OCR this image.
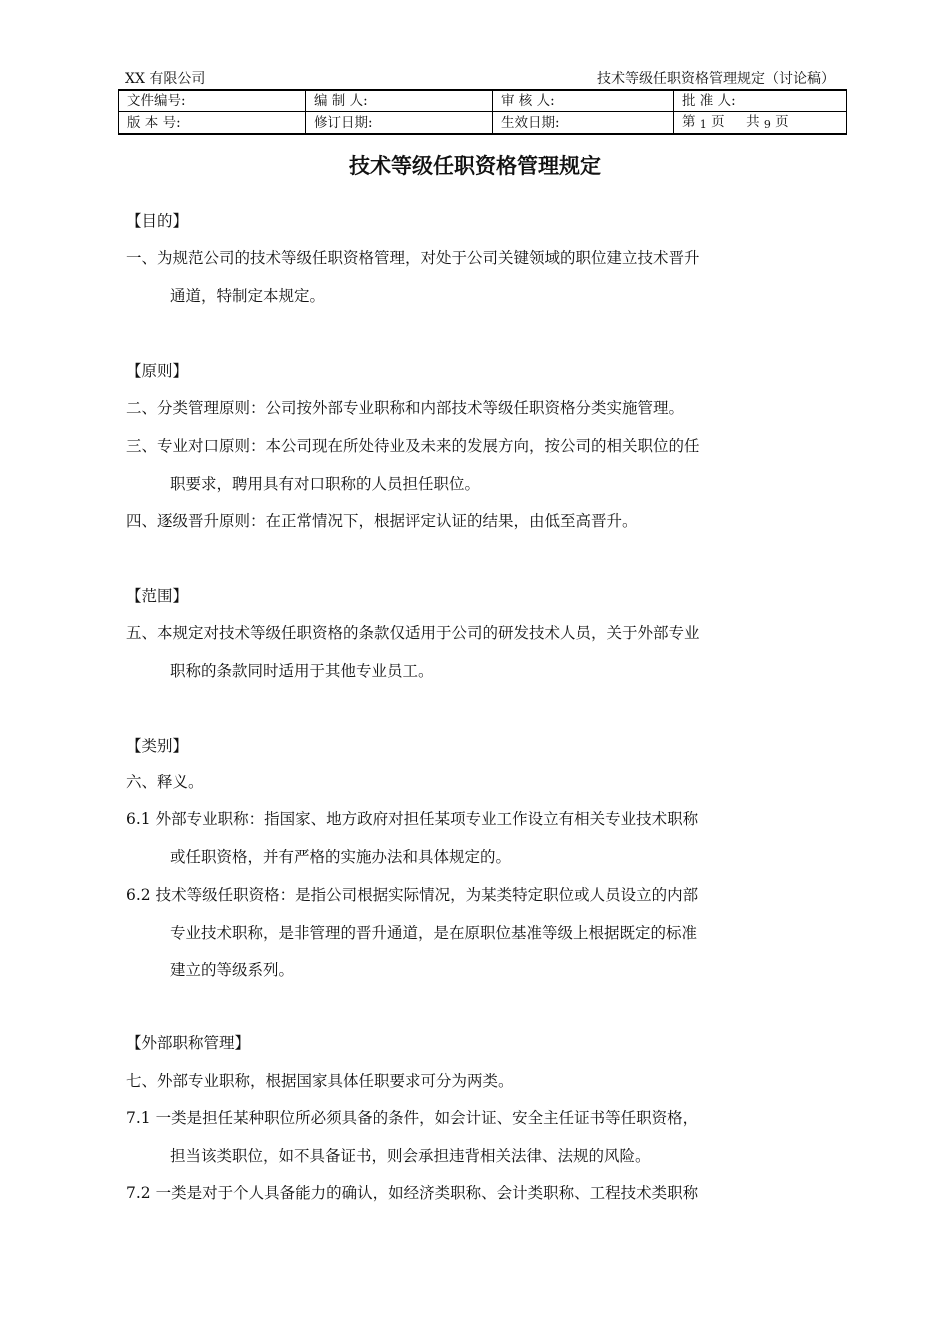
XX 有限公司	技术等级任职资格管理规定（讨论稿）
文件编号:	编 制 人:	审 核 人:	批 准 人:
版 本 号:	修订日期:	生效日期:	第 1 页 共 9 页
技术等级任职资格管理规定
【目的】
一、为规范公司的技术等级任职资格管理，对处于公司关键领域的职位建立技术晋升
通道，特制定本规定。
【原则】
二、分类管理原则：公司按外部专业职称和内部技术等级任职资格分类实施管理。
三、专业对口原则：本公司现在所处待业及未来的发展方向，按公司的相关职位的任
职要求，聘用具有对口职称的人员担任职位。
四、逐级晋升原则：在正常情况下，根据评定认证的结果，由低至高晋升。
【范围】
五、本规定对技术等级任职资格的条款仅适用于公司的研发技术人员，关于外部专业
职称的条款同时适用于其他专业员工。
【类别】
六、释义。
6.1 外部专业职称：指国家、地方政府对担任某项专业工作设立有相关专业技术职称
或任职资格，并有严格的实施办法和具体规定的。
6.2 技术等级任职资格：是指公司根据实际情况，为某类特定职位或人员设立的内部
专业技术职称，是非管理的晋升通道，是在原职位基准等级上根据既定的标准
建立的等级系列。
【外部职称管理】
七、外部专业职称，根据国家具体任职要求可分为两类。
7.1 一类是担任某种职位所必须具备的条件，如会计证、安全主任证书等任职资格，
担当该类职位，如不具备证书，则会承担违背相关法律、法规的风险。
7.2 一类是对于个人具备能力的确认，如经济类职称、会计类职称、工程技术类职称
